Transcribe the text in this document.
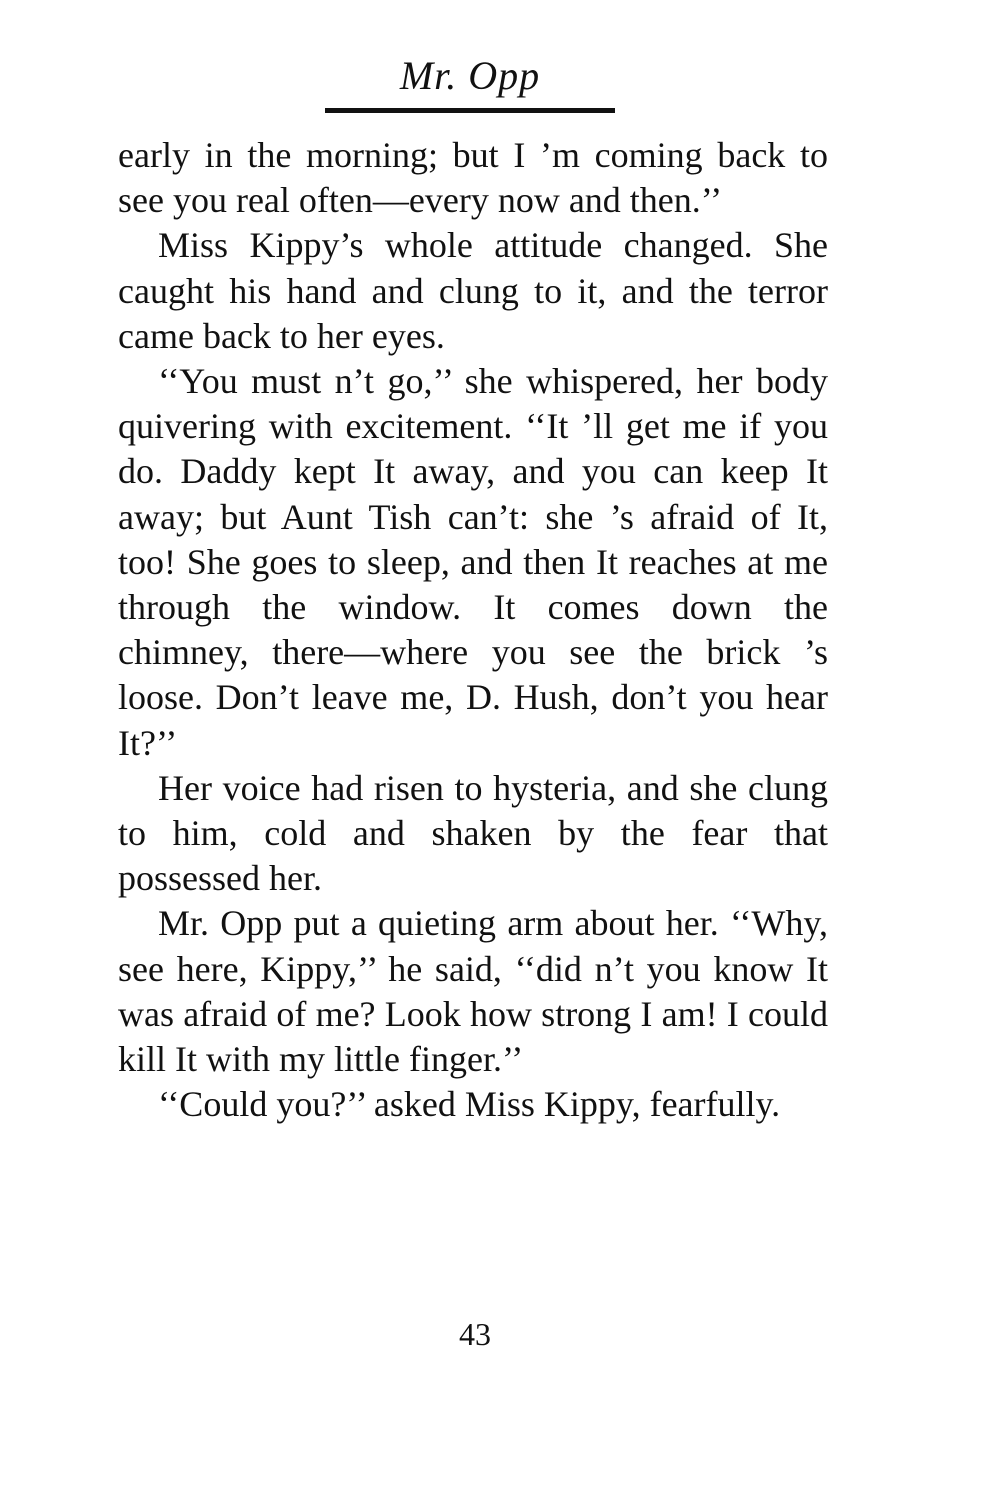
Mr. Opp

early in the morning; but I ’m coming back to see you real often—every now and then.’’

Miss Kippy’s whole attitude changed. She caught his hand and clung to it, and the terror came back to her eyes.

‘‘You must n’t go,’’ she whispered, her body quivering with excitement. ‘‘It ’ll get me if you do. Daddy kept It away, and you can keep It away; but Aunt Tish can’t: she ’s afraid of It, too! She goes to sleep, and then It reaches at me through the window. It comes down the chimney, there—where you see the brick ’s loose. Don’t leave me, D. Hush, don’t you hear It?’’

Her voice had risen to hysteria, and she clung to him, cold and shaken by the fear that possessed her.

Mr. Opp put a quieting arm about her. ‘‘Why, see here, Kippy,’’ he said, ‘‘did n’t you know It was afraid of me? Look how strong I am! I could kill It with my little finger.’’

‘‘Could you?’’ asked Miss Kippy, fearfully.

43
